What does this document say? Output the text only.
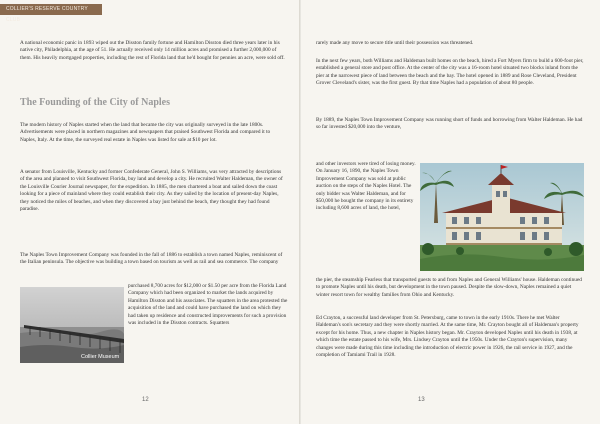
COLLIER'S RESERVE COUNTRY CLUB

A national economic panic in 1893 wiped out the Disston family fortune and Hamilton Disston died three years later in his native city, Philadelphia, at the age of 51. He actually received only 14 million acres and promised a further 2,000,000 of them. His heavily mortgaged properties, including the rest of Florida land that he'd bought for pennies an acre, were sold off.

The Founding of the City of Naples

The modern history of Naples started when the land that became the city was originally surveyed in the late 1800s. Advertisements were placed in northern magazines and newspapers that praised Southwest Florida and compared it to Naples, Italy. At the time, the surveyed real estate in Naples was listed for sale at $10 per lot.

A senator from Louisville, Kentucky and former Confederate General, John S. Williams, was very attracted by descriptions of the area and planned to visit Southwest Florida, buy land and develop a city. He recruited Walter Haldeman, the owner of the Louisville Courier Journal newspaper, for the expedition. In 1885, the men chartered a boat and sailed down the coast looking for a piece of mainland where they could establish their city. As they sailed by the location of present-day Naples, they noticed the miles of beaches, and when they discovered a bay just behind the beach, they thought they had found paradise.

The Naples Town Improvement Company was founded in the fall of 1886 to establish a town named Naples, reminiscent of the Italian peninsula. The objective was building a town based on tourism as well as rail and sea commerce. The company

purchased 8,700 acres for $12,000 or $1.50 per acre from the Florida Land Company which had been organized to market the lands acquired by Hamilton Disston and his associates. The squatters in the area protested the acquisition of the land and could have purchased the land on which they had taken up residence and constructed improvements for such a provision was included in the Disston contracts. Squatters

Collier Museum
12

rarely made any move to secure title until their possession was threatened.

In the next few years, both Williams and Haldeman built homes on the beach, hired a Fort Myers firm to build a 600-foot pier, established a general store and post office. At the center of the city was a 16-room hotel situated two blocks inland from the pier at the narrowest piece of land between the beach and the bay. The hotel opened in 1889 and Rose Cleveland, President Grover Cleveland's sister, was the first guest. By that time Naples had a population of about 80 people.

By 1889, the Naples Town Improvement Company was running short of funds and borrowing from Walter Haldeman. He had so far invested $20,000 into the venture,

and other investors were tired of losing money. On January 16, 1890, the Naples Town Improvement Company was sold at public auction on the steps of the Naples Hotel. The only bidder was Walter Haldeman, and for $50,000 he bought the company in its entirety including 8,600 acres of land, the hotel,

the pier, the steamship Fearless that transported guests to and from Naples and General Williams' house. Haldeman continued to promote Naples until his death, but development in the town paused. Despite the slow-down, Naples remained a quiet winter resort town for wealthy families from Ohio and Kentucky.

Ed Crayton, a successful land developer from St. Petersburg, came to town in the early 1910s. There he met Walter Haldeman's son's secretary and they were shortly married. At the same time, Mr. Crayton bought all of Haldeman's property except for his home. Thus, a new chapter in Naples history began. Mr. Crayton developed Naples until his death in 1938, at which time the estate passed to his wife, Mrs. Lindsey Crayton until the 1950s. Under the Crayton's supervision, many changes were made during this time including the introduction of electric power in 1926, the rail service in 1927, and the completion of Tamiami Trail in 1928.

13
